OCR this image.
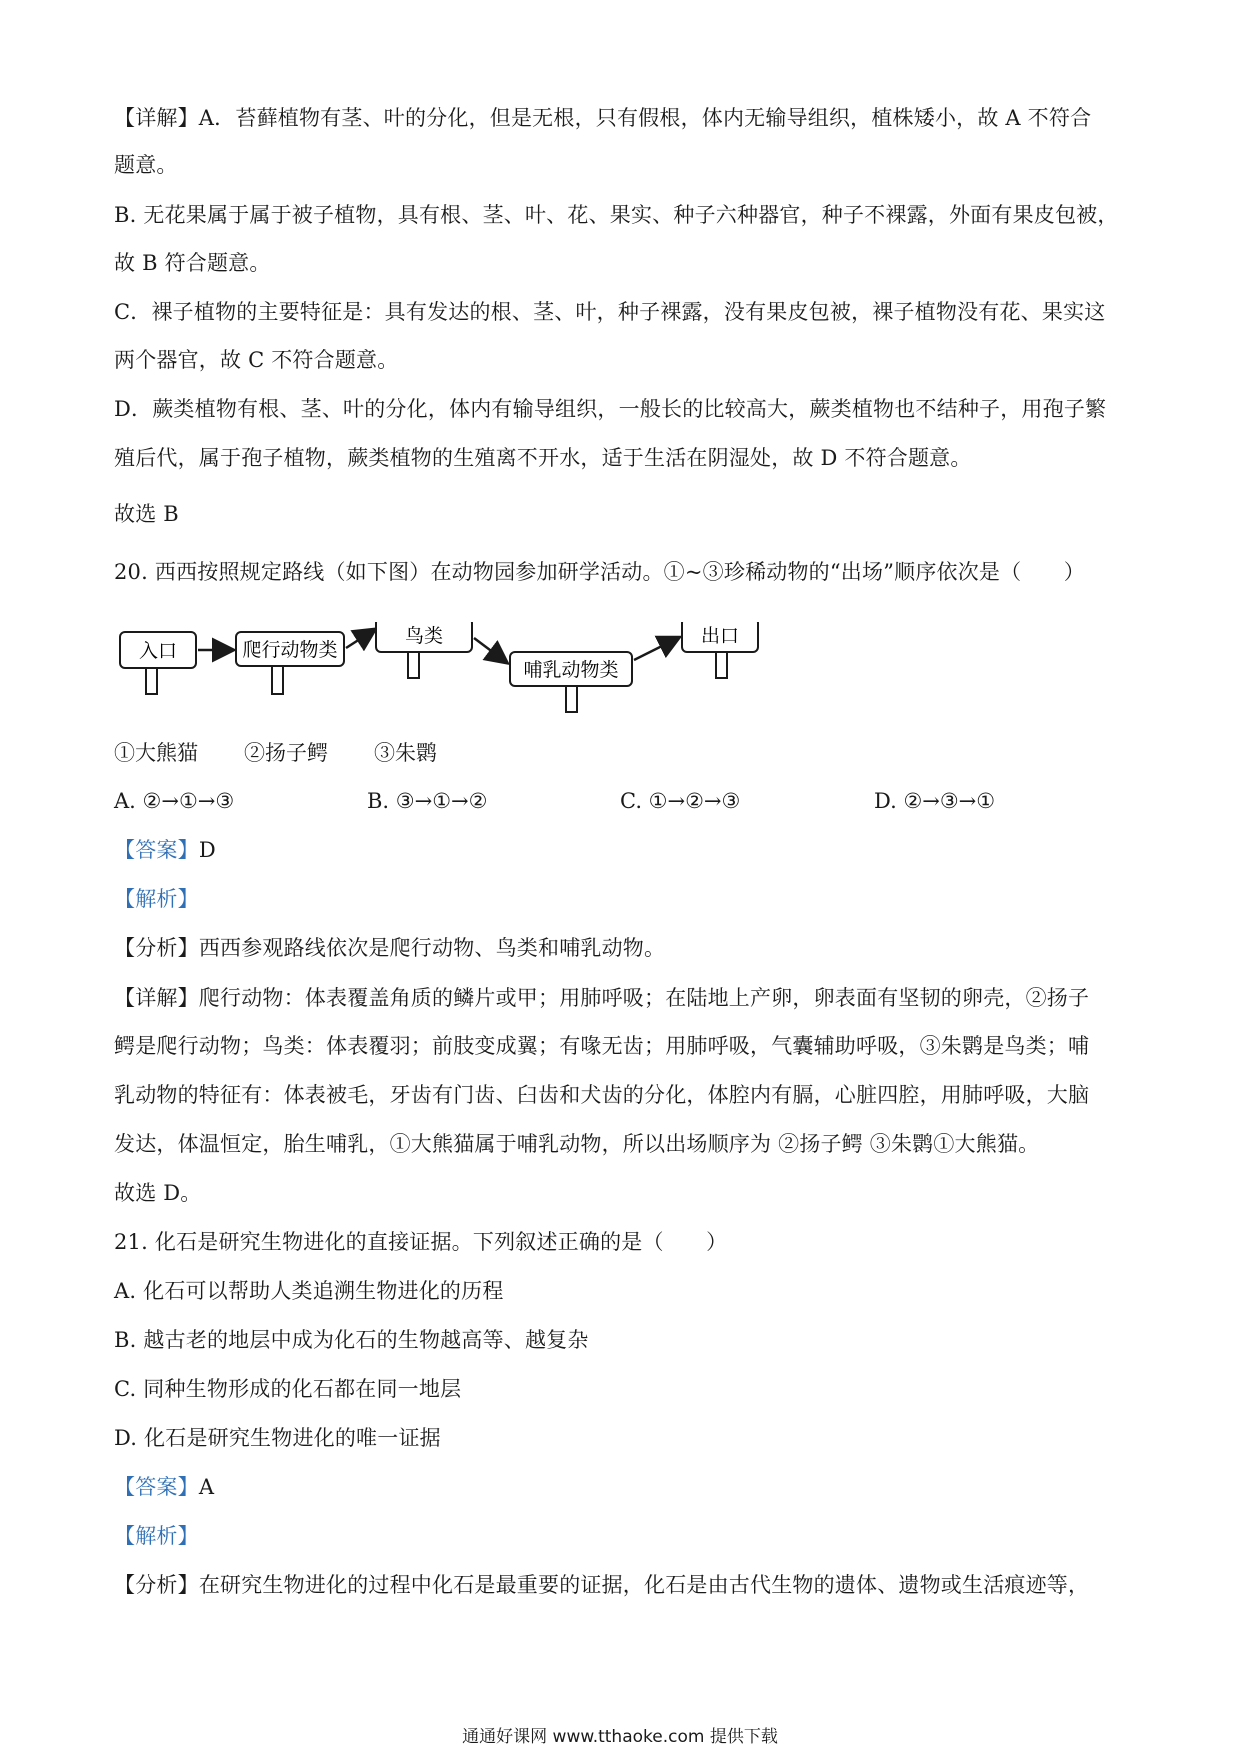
【详解】A．苔藓植物有茎、叶的分化，但是无根，只有假根，体内无输导组织，植株矮小，故 A 不符合
题意。
B. 无花果属于属于被子植物，具有根、茎、叶、花、果实、种子六种器官，种子不裸露，外面有果皮包被，
故 B 符合题意。
C．裸子植物的主要特征是：具有发达的根、茎、叶，种子裸露，没有果皮包被，裸子植物没有花、果实这
两个器官，故 C 不符合题意。
D．蕨类植物有根、茎、叶的分化，体内有输导组织，一般长的比较高大，蕨类植物也不结种子，用孢子繁
殖后代，属于孢子植物，蕨类植物的生殖离不开水，适于生活在阴湿处，故 D 不符合题意。
故选 B
20. 西西按照规定路线（如下图）在动物园参加研学活动。①~③珍稀动物的“出场”顺序依次是（　　）
入口	爬行动物类
鸟类
哺乳动物类
出口
①大熊猫 ②扬子鳄 ③朱鹮
A. ②→①→③	B. ③→①→②	C. ①→②→③	D. ②→③→①
【答案】D
【解析】
【分析】西西参观路线依次是爬行动物、鸟类和哺乳动物。
【详解】爬行动物：体表覆盖角质的鳞片或甲；用肺呼吸；在陆地上产卵，卵表面有坚韧的卵壳，②扬子
鳄是爬行动物；鸟类：体表覆羽；前肢变成翼；有喙无齿；用肺呼吸，气囊辅助呼吸，③朱鹮是鸟类；哺
乳动物的特征有：体表被毛，牙齿有门齿、臼齿和犬齿的分化，体腔内有膈，心脏四腔，用肺呼吸，大脑
发达，体温恒定，胎生哺乳，①大熊猫属于哺乳动物，所以出场顺序为 ②扬子鳄 ③朱鹮①大熊猫。
故选 D。
21. 化石是研究生物进化的直接证据。下列叙述正确的是（　　）
A. 化石可以帮助人类追溯生物进化的历程
B. 越古老的地层中成为化石的生物越高等、越复杂
C. 同种生物形成的化石都在同一地层
D. 化石是研究生物进化的唯一证据
【答案】A
【解析】
【分析】在研究生物进化的过程中化石是最重要的证据，化石是由古代生物的遗体、遗物或生活痕迹等，
通通好课网 www.tthaoke.com 提供下载
